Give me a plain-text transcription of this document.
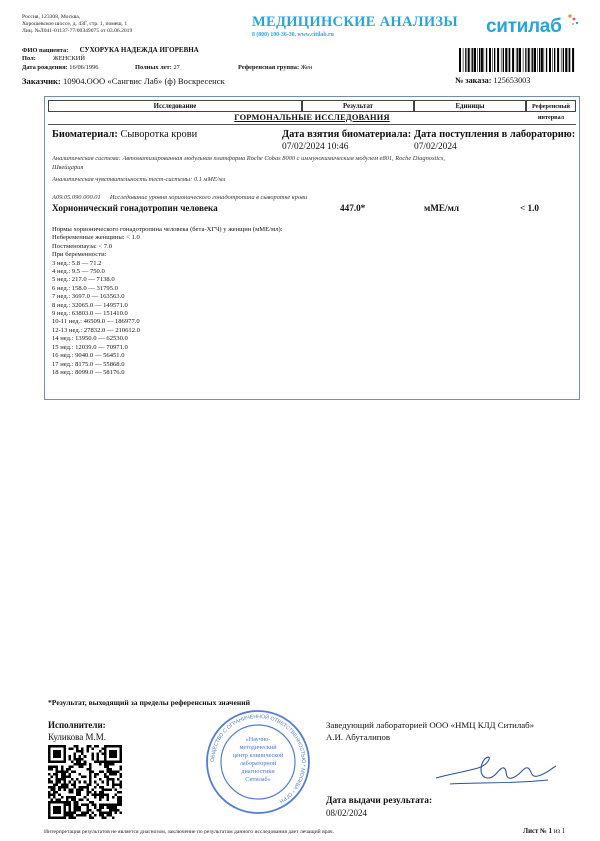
Россия, 123308, Москва,
Хорошевское шоссе, д. 43Г, стр. 1, помещ. 1
Лиц. №Л041-01137-77/00349075 от 03.06.2019
МЕДИЦИНСКИЕ АНАЛИЗЫ
8 (800) 100-36-30, www.citilab.ru	ситилаб
ФИО пациента: СУХОРУКА НАДЕЖДА ИГОРЕВНА
Пол:	ЖЕНСКИЙ
Дата рождения: 16/06/1996	Полных лет: 27	Референсная группа: Жен
Заказчик: 10904.ООО «Сангвис Лаб» (ф) Воскресенск	№ заказа: 125653003
Исследование	Результат	Единицы	Референсный интервал
ГОРМОНАЛЬНЫЕ ИССЛЕДОВАНИЯ
Биоматериал: Сыворотка крови	Дата взятия биоматериала:
07/02/2024 10:46
Дата поступления в лабораторию:
07/02/2024
Аналитическая система: Автоматизированная модульная платформа Roche Cobas 8000 с иммунохимическим модулем e801, Roche Diagnostics,
Швейцария
Аналитическая чувствительность тест-системы: 0.1 мМЕ/мл
A09.05.090.000.01 Исследование уровня хорионического гонадотропина в сыворотке крови
Хорионический гонадотропин человека	447.0*	мМЕ/мл	< 1.0
Нормы хорионического гонадотропина человека (бета-ХГЧ) у женщин (мМЕ/мл):
Небеременные женщины: < 1.0
Постменопауза: < 7.0
При беременности:
3 нед.: 5.8 — 71.2
4 нед.: 9.5 — 750.0
5 нед.: 217.0 — 7138.0
6 нед.: 158.0 — 31795.0
7 нед.: 3697.0 — 163563.0
8 нед.: 32065.0 — 149571.0
9 нед.: 63803.0 — 151410.0
10-11 нед.: 46509.0 — 186977.0
12-13 нед.: 27832.0 — 210612.0
14 нед.: 13950.0 — 62530.0
15 нед.: 12039.0 — 70971.0
16 нед.: 9040.0 — 56451.0
17 нед.: 8175.0 — 55868.0
18 нед.: 8099.0 — 58176.0
*Результат, выходящий за пределы референсных значений
Исполнители:
Куликова М.М.
ОБЩЕСТВО С ОГРАНИЧЕННОЙ ОТВЕТСТВЕННОСТЬЮ * МОСКВА * ОГРН
«Научно-
методический
центр клинической
лабораторной
диагностики
Ситилаб»
Заведующий лабораторией ООО «НМЦ КЛД Ситилаб»
А.И. Абуталипов
Дата выдачи результата:
08/02/2024
Интерпретация результатов не является диагнозом, заключение по результатам данного исследования дает лечащий врач.	Лист № 1 из 1
